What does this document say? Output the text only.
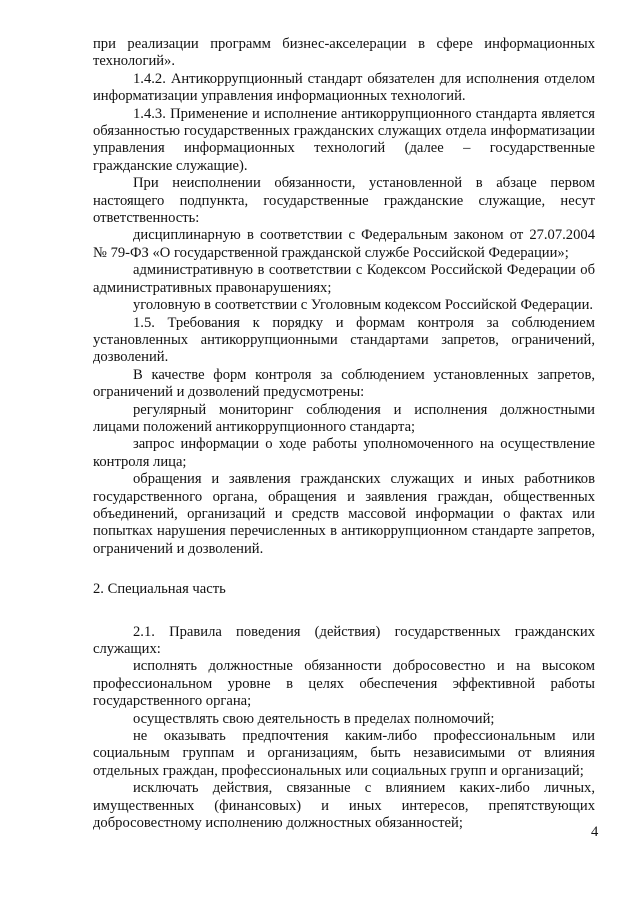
при реализации программ бизнес-акселерации в сфере информационных технологий».

1.4.2. Антикоррупционный стандарт обязателен для исполнения отделом информатизации управления информационных технологий.

1.4.3. Применение и исполнение антикоррупционного стандарта является обязанностью государственных гражданских служащих отдела информатизации управления информационных технологий (далее – государственные гражданские служащие).

При неисполнении обязанности, установленной в абзаце первом настоящего подпункта, государственные гражданские служащие, несут ответственность:

дисциплинарную в соответствии с Федеральным законом от 27.07.2004 № 79-ФЗ «О государственной гражданской службе Российской Федерации»;

административную в соответствии с Кодексом Российской Федерации об административных правонарушениях;

уголовную в соответствии с Уголовным кодексом Российской Федерации.

1.5. Требования к порядку и формам контроля за соблюдением установленных антикоррупционными стандартами запретов, ограничений, дозволений.

В качестве форм контроля за соблюдением установленных запретов, ограничений и дозволений предусмотрены:

регулярный мониторинг соблюдения и исполнения должностными лицами положений антикоррупционного стандарта;

запрос информации о ходе работы уполномоченного на осуществление контроля лица;

обращения и заявления гражданских служащих и иных работников государственного органа, обращения и заявления граждан, общественных объединений, организаций и средств массовой информации о фактах или попытках нарушения перечисленных в антикоррупционном стандарте запретов, ограничений и дозволений.

2. Специальная часть

2.1. Правила поведения (действия) государственных гражданских служащих:

исполнять должностные обязанности добросовестно и на высоком профессиональном уровне в целях обеспечения эффективной работы государственного органа;

осуществлять свою деятельность в пределах полномочий;

не оказывать предпочтения каким-либо профессиональным или социальным группам и организациям, быть независимыми от влияния отдельных граждан, профессиональных или социальных групп и организаций;

исключать действия, связанные с влиянием каких-либо личных, имущественных (финансовых) и иных интересов, препятствующих добросовестному исполнению должностных обязанностей;

4
